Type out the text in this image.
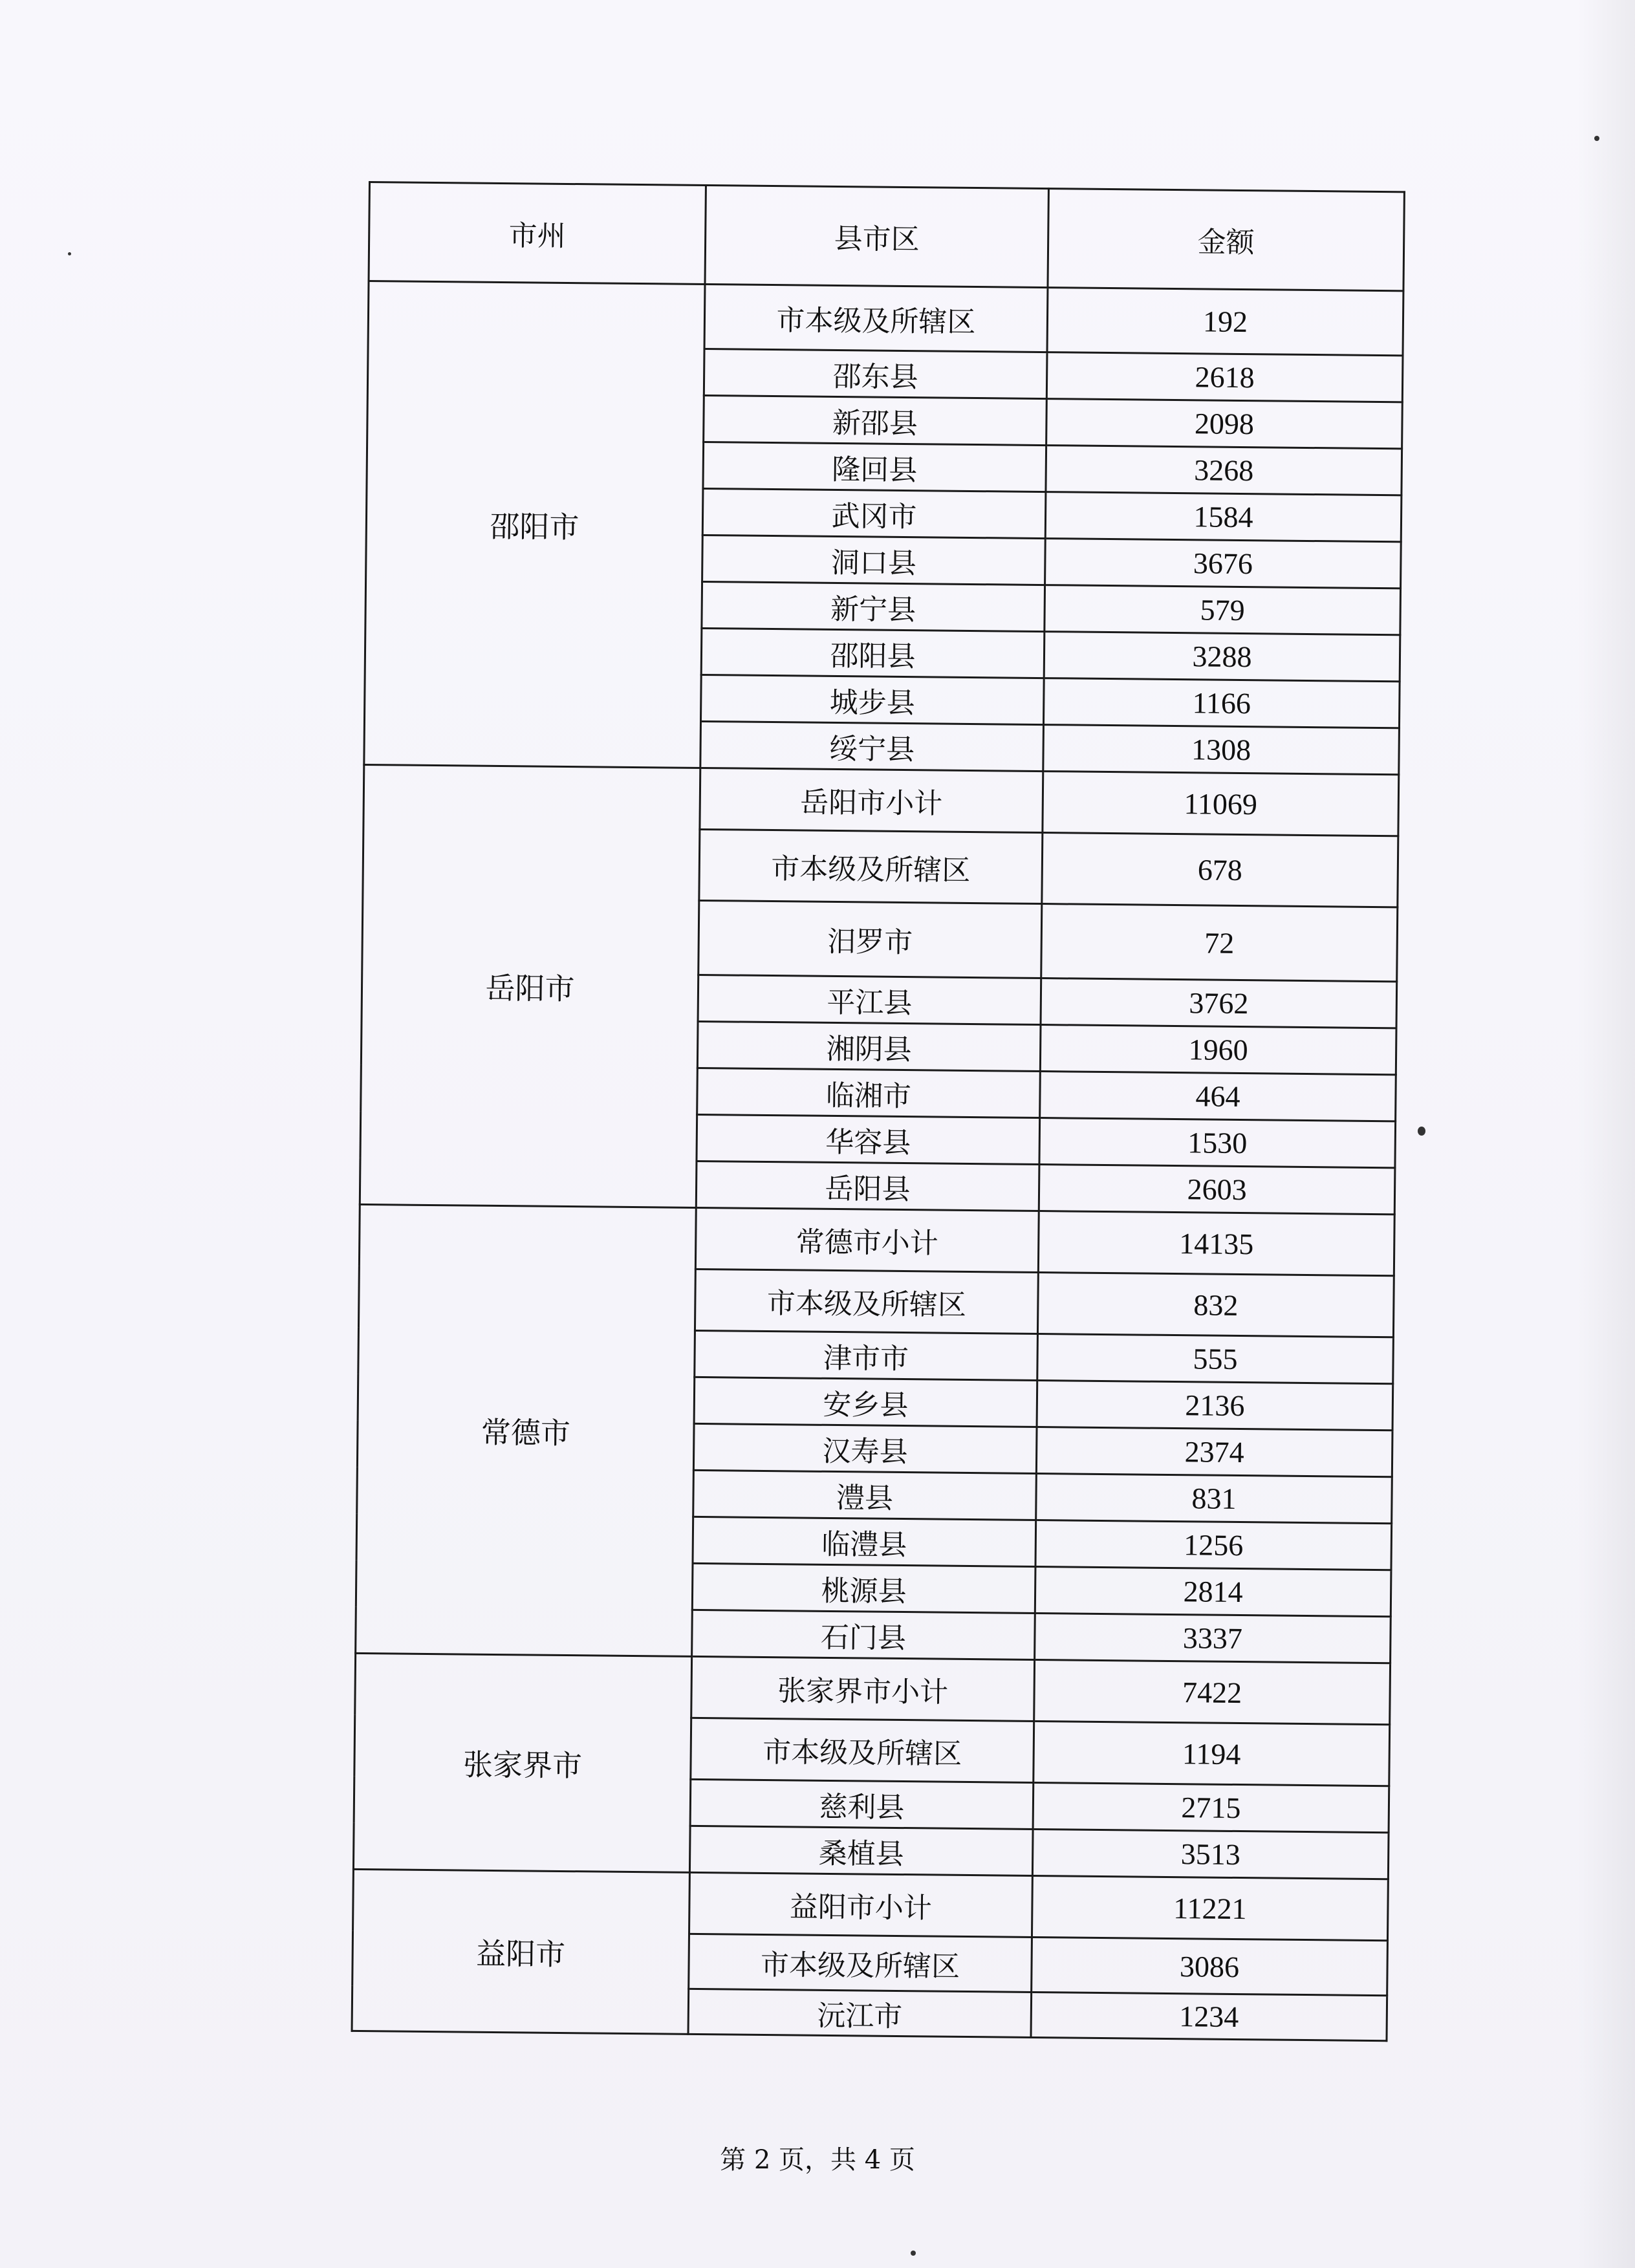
市州	县市区	金额
邵阳市	市本级及所辖区	192
	邵东县	2618
	新邵县	2098
	隆回县	3268
	武冈市	1584
	洞口县	3676
	新宁县	579
	邵阳县	3288
	城步县	1166
	绥宁县	1308
岳阳市	岳阳市小计	11069
	市本级及所辖区	678
	汨罗市	72
	平江县	3762
	湘阴县	1960
	临湘市	464
	华容县	1530
	岳阳县	2603
常德市	常德市小计	14135
	市本级及所辖区	832
	津市市	555
	安乡县	2136
	汉寿县	2374
	澧县	831
	临澧县	1256
	桃源县	2814
	石门县	3337
张家界市	张家界市小计	7422
	市本级及所辖区	1194
	慈利县	2715
	桑植县	3513
益阳市	益阳市小计	11221
	市本级及所辖区	3086
	沅江市	1234
第 2 页，共 4 页
